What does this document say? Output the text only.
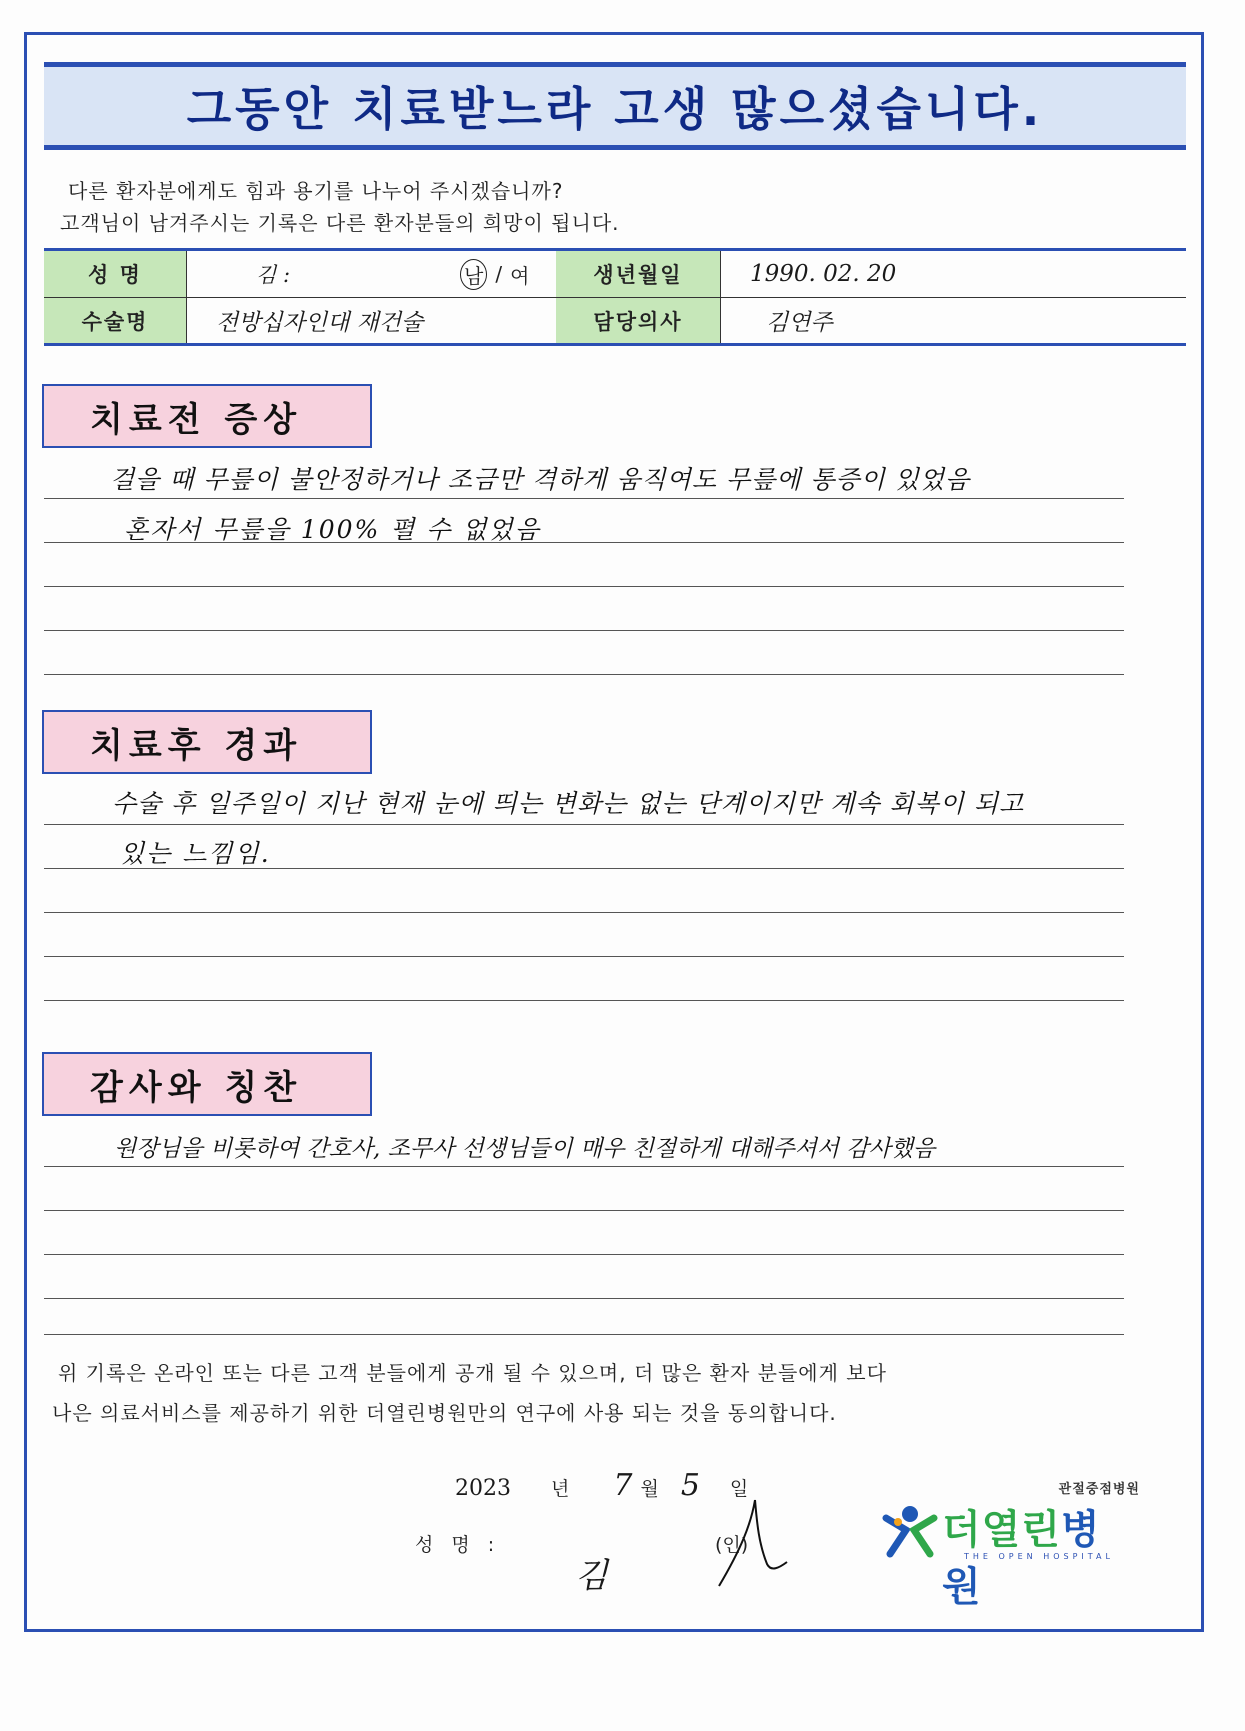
그동안 치료받느라 고생 많으셨습니다.

다른 환자분에게도 힘과 용기를 나누어 주시겠습니까?

고객님이 남겨주시는 기록은 다른 환자분들의 희망이 됩니다.

성 명	김 :	남 / 여	생년월일	1990. 02. 20
수술명	전방십자인대 재건술	담당의사	김연주
치료전 증상
걸을 때 무릎이 불안정하거나 조금만 격하게 움직여도 무릎에 통증이 있었음
혼자서 무릎을 100% 펼 수 없었음
치료후 경과
수술 후 일주일이 지난 현재 눈에 띄는 변화는 없는 단계이지만 계속 회복이 되고
있는 느낌임.
감사와 칭찬
원장님을 비롯하여 간호사, 조무사 선생님들이 매우 친절하게 대해주셔서 감사했음

위 기록은 온라인 또는 다른 고객 분들에게 공개 될 수 있으며, 더 많은 환자 분들에게 보다

나은 의료서비스를 제공하기 위한 더열린병원만의 연구에 사용 되는 것을 동의합니다.

2023 년 7 월 5 일
성 명 :
김
(인)
관절중점병원
더열린병원
THE OPEN HOSPITAL
